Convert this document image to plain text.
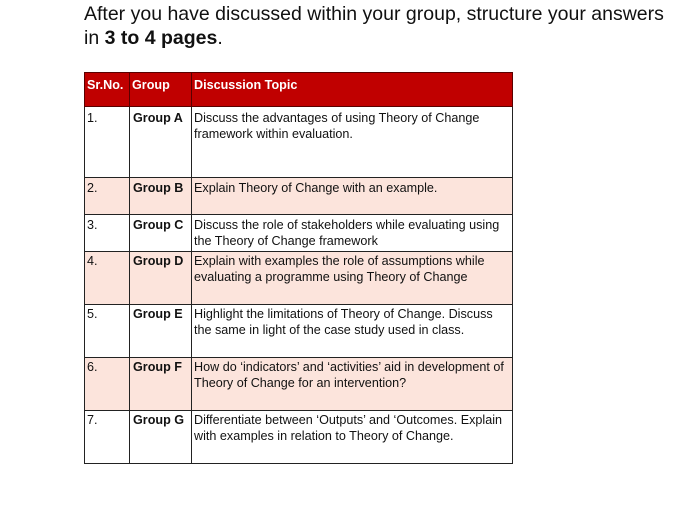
After you have discussed within your group, structure your answers in 3 to 4 pages.
Sr.No.	Group	Discussion Topic
1.	Group A	Discuss the advantages of using Theory of Change framework within evaluation.
2.	Group B	Explain Theory of Change with an example.
3.	Group C	Discuss the role of stakeholders while evaluating using the Theory of Change framework
4.	Group D	Explain with examples the role of assumptions while evaluating a programme using Theory of Change
5.	Group E	Highlight the limitations of Theory of Change. Discuss the same in light of the case study used in class.
6.	Group F	How do ‘indicators’ and ‘activities’ aid in development of Theory of Change for an intervention?
7.	Group G	Differentiate between ‘Outputs’ and ‘Outcomes. Explain with examples in relation to Theory of Change.
